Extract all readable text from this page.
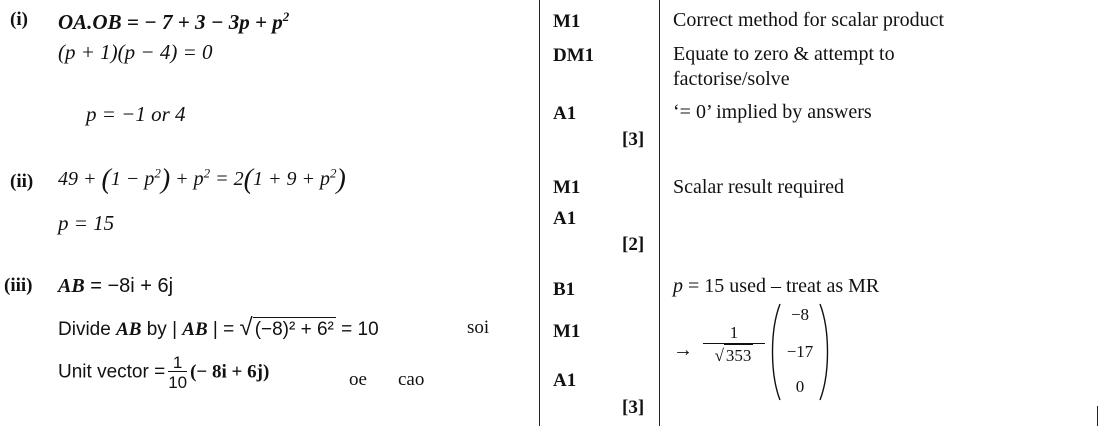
(i) OA.OB = − $7 + 3 - 3p + p^2$
(p + 1)(p − 4) = 0
p = −1 or 4
M1
DM1
A1
[3]
Correct method for scalar product
Equate to zero & attempt to
factorise/solve
‘= 0’ implied by answers
(ii) $49 + (1 - p^2) + p^2 = 2(1 + 9 + p^2)$
p = 15
M1
A1
[2]
Scalar result required
(iii) AB = −8i + 6j
Divide AB by | AB | = √ (−8)² + 6² = 10	soi
Unit vector = $\frac{1}{10}$ (− 8i + 6j)	oe cao
B1
M1
A1
[3]
p = 15 used – treat as MR
→
1
√ 353
−8
−17
0
